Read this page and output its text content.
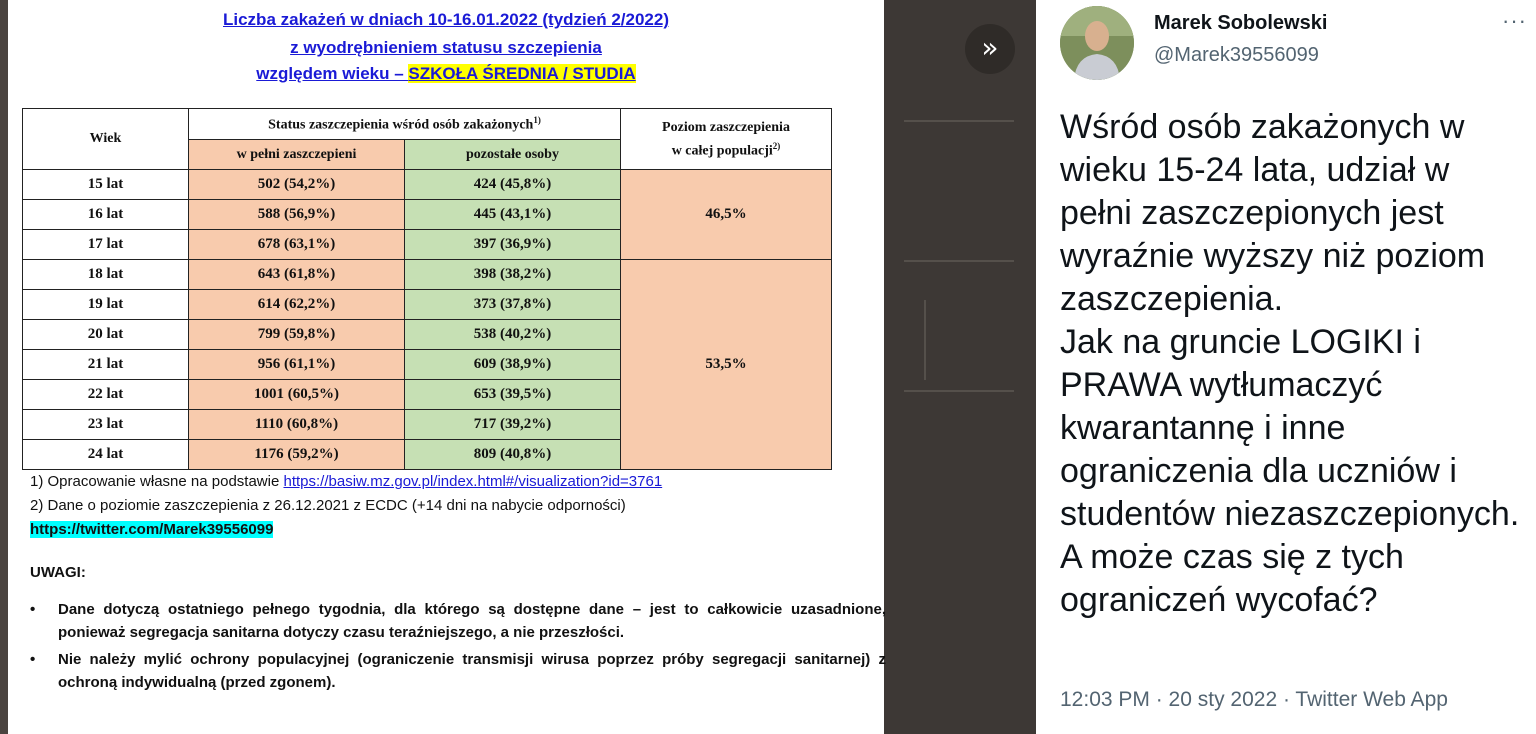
Liczba zakażeń w dniach 10-16.01.2022 (tydzień 2/2022)
z wyodrębnieniem statusu szczepienia
względem wieku – SZKOŁA ŚREDNIA / STUDIA
Wiek	Status zaszczepienia wśród osób zakażonych$^{1)}$		Poziom zaszczepienia
w całej populacji$^{2)}$
	w pełni zaszczepieni	pozostałe osoby	
15 lat	502 (54,2%)	424 (45,8%)	46,5%
16 lat	588 (56,9%)	445 (43,1%)	
17 lat	678 (63,1%)	397 (36,9%)	
18 lat	643 (61,8%)	398 (38,2%)	53,5%
19 lat	614 (62,2%)	373 (37,8%)	
20 lat	799 (59,8%)	538 (40,2%)	
21 lat	956 (61,1%)	609 (38,9%)	
22 lat	1001 (60,5%)	653 (39,5%)	
23 lat	1110 (60,8%)	717 (39,2%)	
24 lat	1176 (59,2%)	809 (40,8%)	
1) Opracowanie własne na podstawie https://basiw.mz.gov.pl/index.html#/visualization?id=3761
2) Dane o poziomie zaszczepienia z 26.12.2021 z ECDC (+14 dni na nabycie odporności)
https://twitter.com/Marek39556099
UWAGI:
•	Dane dotyczą ostatniego pełnego tygodnia, dla którego są dostępne dane – jest to całkowicie uzasadnione, ponieważ segregacja sanitarna dotyczy czasu teraźniejszego, a nie przeszłości.
•	Nie należy mylić ochrony populacyjnej (ograniczenie transmisji wirusa poprzez próby segregacji sanitarnej) z ochroną indywidualną (przed zgonem).
»
Marek Sobolewski
@Marek39556099
···
Wśród osób zakażonych w wieku 15-24 lata, udział w pełni zaszczepionych jest wyraźnie wyższy niż poziom zaszczepienia.
Jak na gruncie LOGIKI i PRAWA wytłumaczyć kwarantannę i inne ograniczenia dla uczniów i studentów niezaszczepionych.
A może czas się z tych ograniczeń wycofać?
12:03 PM · 20 sty 2022 · Twitter Web App
